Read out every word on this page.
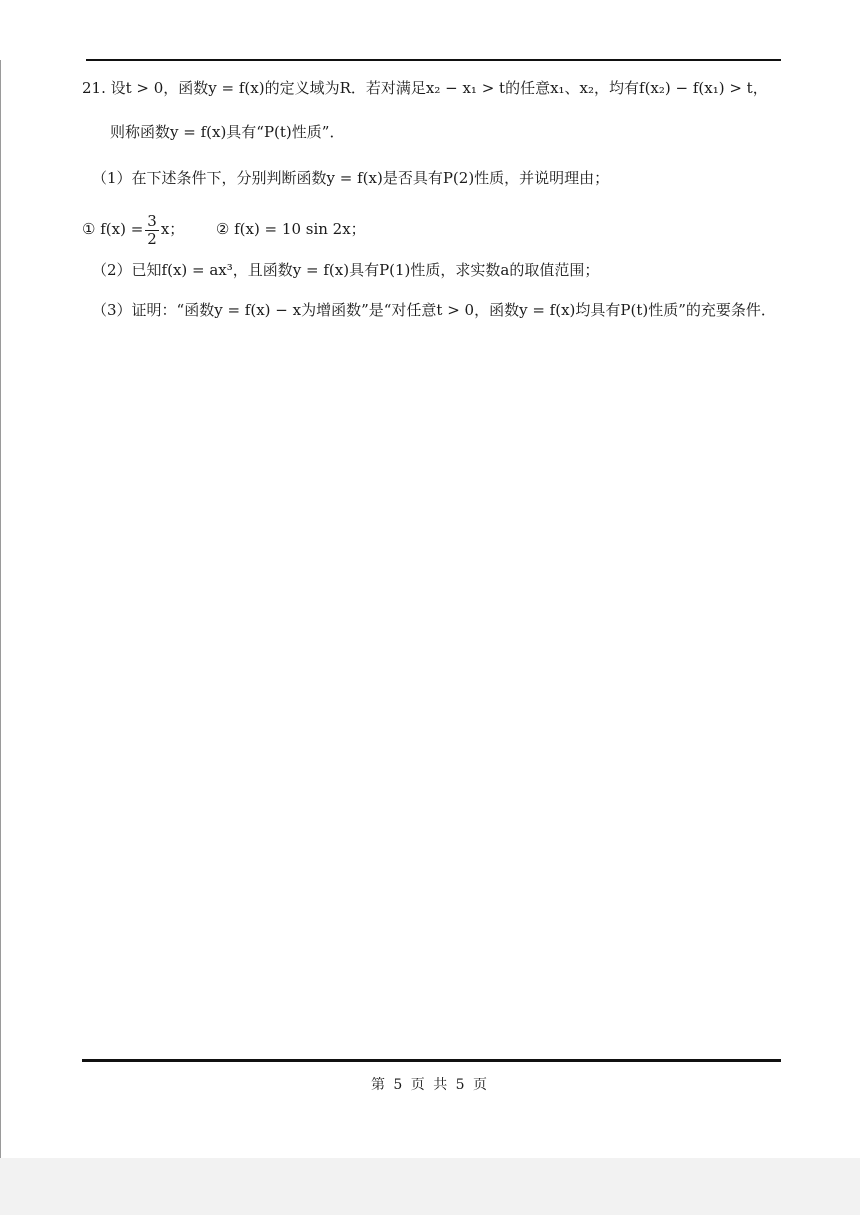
21. 设t > 0，函数y = f(x)的定义域为R．若对满足x₂ − x₁ > t的任意x₁、x₂，均有f(x₂) − f(x₁) > t，
则称函数y = f(x)具有“P(t)性质”．
（1）在下述条件下，分别判断函数y = f(x)是否具有P(2)性质，并说明理由；
① $f(x) = \frac{3}{2}$ x； ② f(x) = 10 sin 2x；
（2）已知f(x) = ax³，且函数y = f(x)具有P(1)性质，求实数a的取值范围；
（3）证明：“函数y = f(x) − x为增函数”是“对任意t > 0，函数y = f(x)均具有P(t)性质”的充要条件．
第 5 页 共 5 页
